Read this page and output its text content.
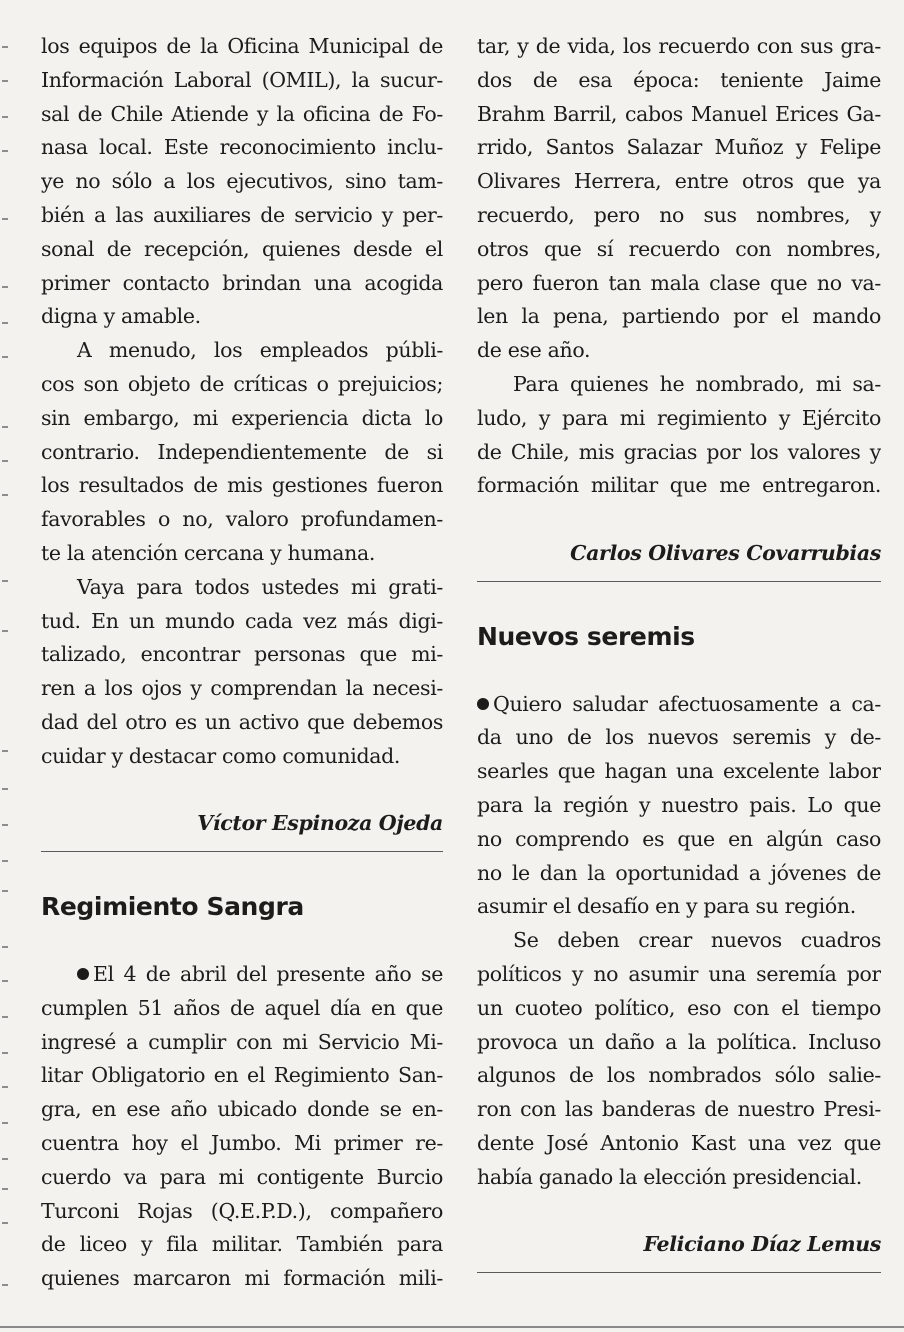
los equipos de la Oficina Municipal de
Información Laboral (OMIL), la sucur-
sal de Chile Atiende y la oficina de Fo-
nasa local. Este reconocimiento inclu-
ye no sólo a los ejecutivos, sino tam-
bién a las auxiliares de servicio y per-
sonal de recepción, quienes desde el
primer contacto brindan una acogida
digna y amable.
A menudo, los empleados públi-
cos son objeto de críticas o prejuicios;
sin embargo, mi experiencia dicta lo
contrario. Independientemente de si
los resultados de mis gestiones fueron
favorables o no, valoro profundamen-
te la atención cercana y humana.
Vaya para todos ustedes mi grati-
tud. En un mundo cada vez más digi-
talizado, encontrar personas que mi-
ren a los ojos y comprendan la necesi-
dad del otro es un activo que debemos
cuidar y destacar como comunidad.
Víctor Espinoza Ojeda
Regimiento Sangra
El 4 de abril del presente año se
cumplen 51 años de aquel día en que
ingresé a cumplir con mi Servicio Mi-
litar Obligatorio en el Regimiento San-
gra, en ese año ubicado donde se en-
cuentra hoy el Jumbo. Mi primer re-
cuerdo va para mi contigente Burcio
Turconi Rojas (Q.E.P.D.), compañero
de liceo y fila militar. También para
quienes marcaron mi formación mili-
tar, y de vida, los recuerdo con sus gra-
dos de esa época: teniente Jaime
Brahm Barril, cabos Manuel Erices Ga-
rrido, Santos Salazar Muñoz y Felipe
Olivares Herrera, entre otros que ya
recuerdo, pero no sus nombres, y
otros que sí recuerdo con nombres,
pero fueron tan mala clase que no va-
len la pena, partiendo por el mando
de ese año.
Para quienes he nombrado, mi sa-
ludo, y para mi regimiento y Ejército
de Chile, mis gracias por los valores y
formación militar que me entregaron.
Carlos Olivares Covarrubias
Nuevos seremis
Quiero saludar afectuosamente a ca-
da uno de los nuevos seremis y de-
searles que hagan una excelente labor
para la región y nuestro pais. Lo que
no comprendo es que en algún caso
no le dan la oportunidad a jóvenes de
asumir el desafío en y para su región.
Se deben crear nuevos cuadros
políticos y no asumir una seremía por
un cuoteo político, eso con el tiempo
provoca un daño a la política. Incluso
algunos de los nombrados sólo salie-
ron con las banderas de nuestro Presi-
dente José Antonio Kast una vez que
había ganado la elección presidencial.
Feliciano Díaz Lemus
